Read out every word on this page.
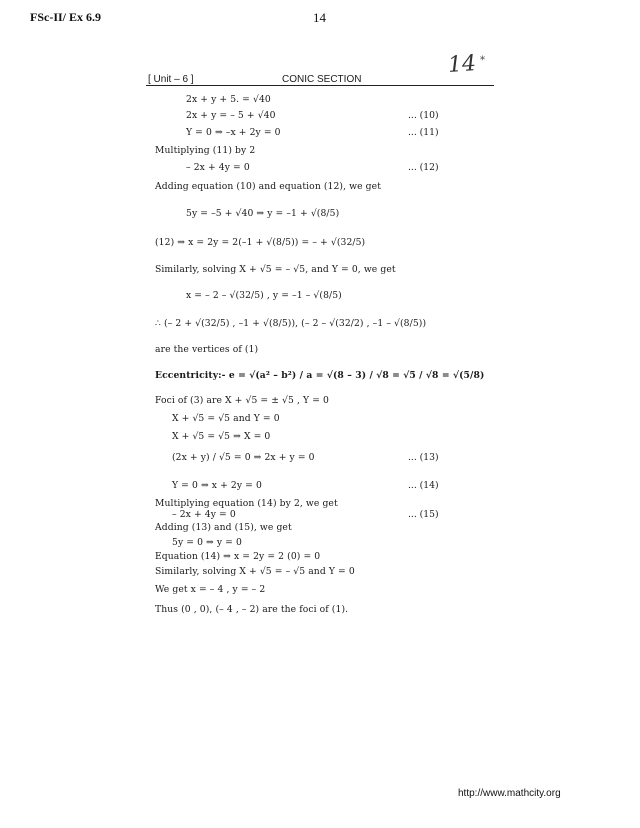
FSc-II/ Ex 6.9	14
[ Unit – 6 ]	CONIC SECTION
14 *
2x + y + 5. = √40
2x + y = – 5 + √40	... (10)
Y = 0 ⇒ –x + 2y = 0	... (11)
Multiplying (11) by 2
– 2x + 4y = 0	... (12)
Adding equation (10) and equation (12), we get
5y = –5 + √40 ⇒ y = –1 + √(8/5)
(12) ⇒ x = 2y = 2(–1 + √(8/5)) = – + √(32/5)
Similarly, solving X + √5 = – √5, and Y = 0, we get
x = – 2 – √(32/5) , y = –1 – √(8/5)
∴ (– 2 + √(32/5) , –1 + √(8/5)), (– 2 – √(32/2) , –1 – √(8/5))
are the vertices of (1)
Eccentricity:- e = √(a² – b²) / a = √(8 – 3) / √8 = √5 / √8 = √(5/8)
Foci of (3) are X + √5 = ± √5 , Y = 0
X + √5 = √5 and Y = 0
X + √5 = √5 ⇒ X = 0
(2x + y) / √5 = 0 ⇒ 2x + y = 0	... (13)
Y = 0 ⇒ x + 2y = 0	... (14)
Multiplying equation (14) by 2, we get
– 2x + 4y = 0	... (15)
Adding (13) and (15), we get
5y = 0 ⇒ y = 0
Equation (14) ⇒ x = 2y = 2 (0) = 0
Similarly, solving X + √5 = – √5 and Y = 0
We get x = – 4 , y = – 2
Thus (0 , 0), (– 4 , – 2) are the foci of (1).
http://www.mathcity.org
